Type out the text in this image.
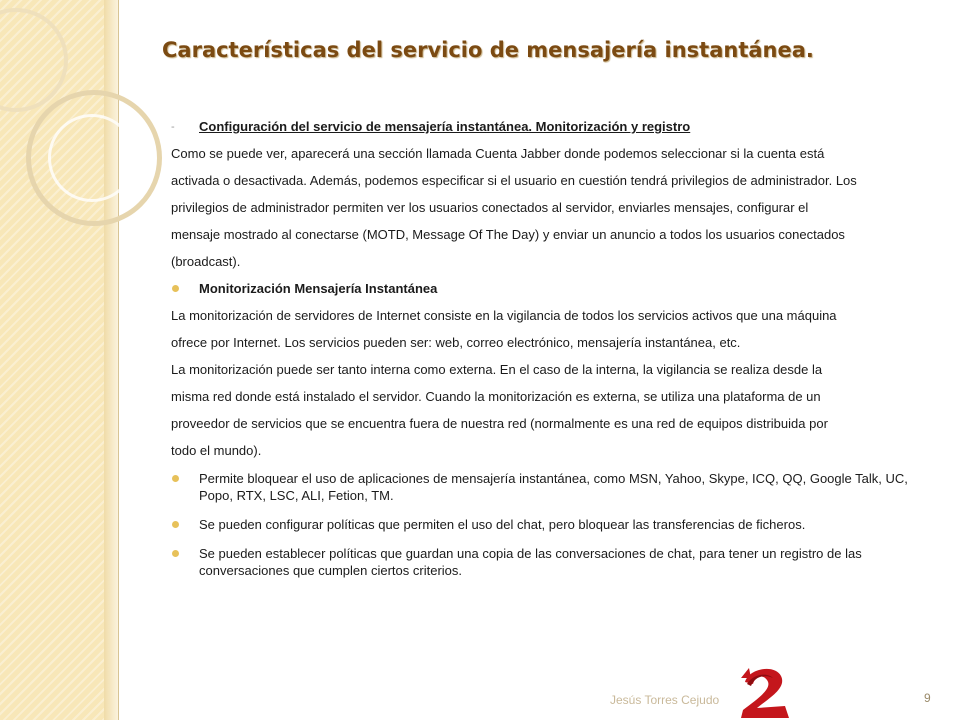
Características del servicio de mensajería instantánea.
- Configuración del servicio de mensajería instantánea. Monitorización y registro

Como se puede ver, aparecerá una sección llamada Cuenta Jabber donde podemos seleccionar si la cuenta está

activada o desactivada. Además, podemos especificar si el usuario en cuestión tendrá privilegios de administrador. Los

privilegios de administrador permiten ver los usuarios conectados al servidor, enviarles mensajes, configurar el

mensaje mostrado al conectarse (MOTD, Message Of The Day) y enviar un anuncio a todos los usuarios conectados

(broadcast).

Monitorización Mensajería Instantánea

La monitorización de servidores de Internet consiste en la vigilancia de todos los servicios activos que una máquina

ofrece por Internet. Los servicios pueden ser: web, correo electrónico, mensajería instantánea, etc.

La monitorización puede ser tanto interna como externa. En el caso de la interna, la vigilancia se realiza desde la

misma red donde está instalado el servidor. Cuando la monitorización es externa, se utiliza una plataforma de un

proveedor de servicios que se encuentra fuera de nuestra red (normalmente es una red de equipos distribuida por

todo el mundo).

Permite bloquear el uso de aplicaciones de mensajería instantánea, como MSN, Yahoo, Skype, ICQ, QQ, Google Talk, UC, Popo, RTX, LSC, ALI, Fetion, TM.
Se pueden configurar políticas que permiten el uso del chat, pero bloquear las transferencias de ficheros.
Se pueden establecer políticas que guardan una copia de las conversaciones de chat, para tener un registro de las conversaciones que cumplen ciertos criterios.
Jesús Torres Cejudo	9
